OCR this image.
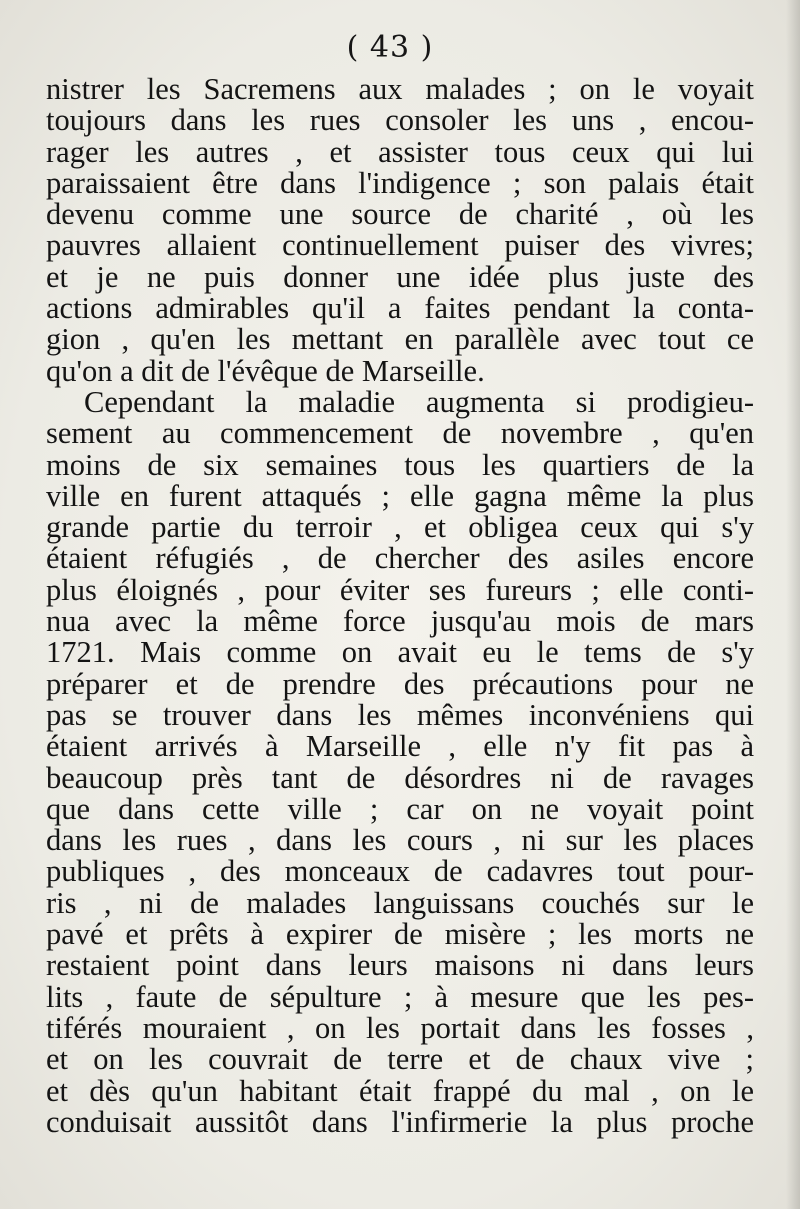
( 43 )
nistrer les Sacremens aux malades ; on le voyait
toujours dans les rues consoler les uns , encou-
rager les autres , et assister tous ceux qui lui
paraissaient être dans l'indigence ; son palais était
devenu comme une source de charité , où les
pauvres allaient continuellement puiser des vivres;
et je ne puis donner une idée plus juste des
actions admirables qu'il a faites pendant la conta-
gion , qu'en les mettant en parallèle avec tout ce
qu'on a dit de l'évêque de Marseille.
Cependant la maladie augmenta si prodigieu-
sement au commencement de novembre , qu'en
moins de six semaines tous les quartiers de la
ville en furent attaqués ; elle gagna même la plus
grande partie du terroir , et obligea ceux qui s'y
étaient réfugiés , de chercher des asiles encore
plus éloignés , pour éviter ses fureurs ; elle conti-
nua avec la même force jusqu'au mois de mars
1721. Mais comme on avait eu le tems de s'y
préparer et de prendre des précautions pour ne
pas se trouver dans les mêmes inconvéniens qui
étaient arrivés à Marseille , elle n'y fit pas à
beaucoup près tant de désordres ni de ravages
que dans cette ville ; car on ne voyait point
dans les rues , dans les cours , ni sur les places
publiques , des monceaux de cadavres tout pour-
ris , ni de malades languissans couchés sur le
pavé et prêts à expirer de misère ; les morts ne
restaient point dans leurs maisons ni dans leurs
lits , faute de sépulture ; à mesure que les pes-
tiférés mouraient , on les portait dans les fosses ,
et on les couvrait de terre et de chaux vive ;
et dès qu'un habitant était frappé du mal , on le
conduisait aussitôt dans l'infirmerie la plus proche
